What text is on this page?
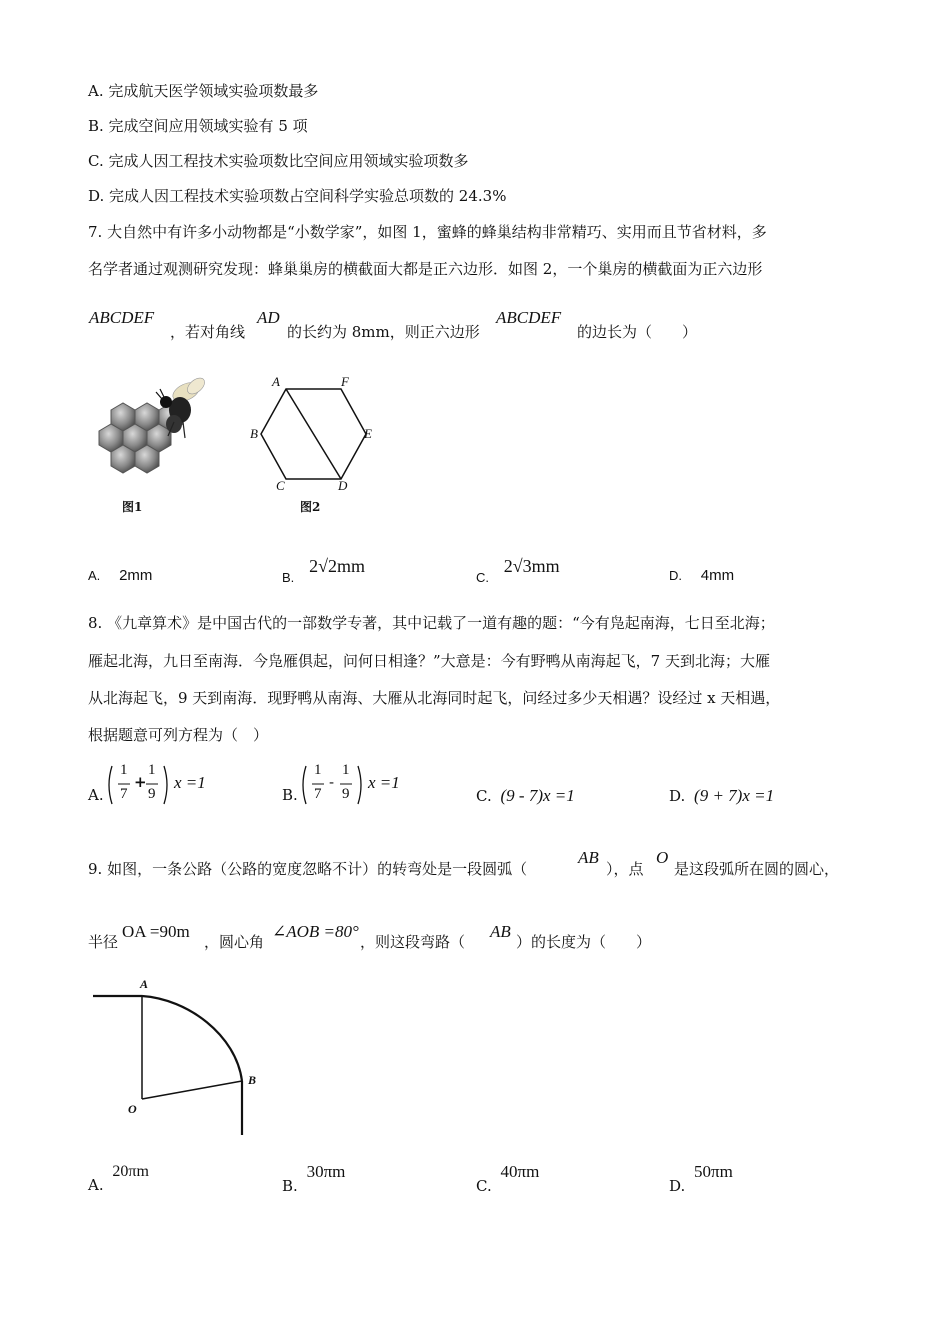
A. 完成航天医学领域实验项数最多
B. 完成空间应用领域实验有 5 项
C. 完成人因工程技术实验项数比空间应用领域实验项数多
D. 完成人因工程技术实验项数占空间科学实验总项数的 24.3%
7. 大自然中有许多小动物都是“小数学家”，如图 1，蜜蜂的蜂巢结构非常精巧、实用而且节省材料，多
名学者通过观测研究发现：蜂巢巢房的横截面大都是正六边形．如图 2，一个巢房的横截面为正六边形
ABCDEF
，若对角线
AD
的长约为 8mm，则正六边形
ABCDEF
的边长为（　　）
图1
A	F
B	E
C	D
图2
A. 2mm	B. 2√2mm
C. 2√3mm	D. 4mm
8. 《九章算术》是中国古代的一部数学专著，其中记载了一道有趣的题：“今有凫起南海，七日至北海；
雁起北海，九日至南海．今凫雁俱起，问何日相逢？”大意是：今有野鸭从南海起飞，7 天到北海；大雁
从北海起飞，9 天到南海．现野鸭从南海、大雁从北海同时起飞，问经过多少天相遇？设经过 x 天相遇，
根据题意可列方程为（　）
A.
1
7
+
1
9
x =1
B.
1
7
-
1
9
x =1
C. (9 - 7)x =1	D. (9 + 7)x =1
9. 如图，一条公路（公路的宽度忽略不计）的转弯处是一段圆弧（
AB
），点
O
是这段弧所在圆的圆心，
半径
OA =90m
，圆心角
∠AOB =80°
，则这段弯路（
AB
）的长度为（　　）
A
B
O
A. 20πm
B. 30πm
C. 40πm
D. 50πm
